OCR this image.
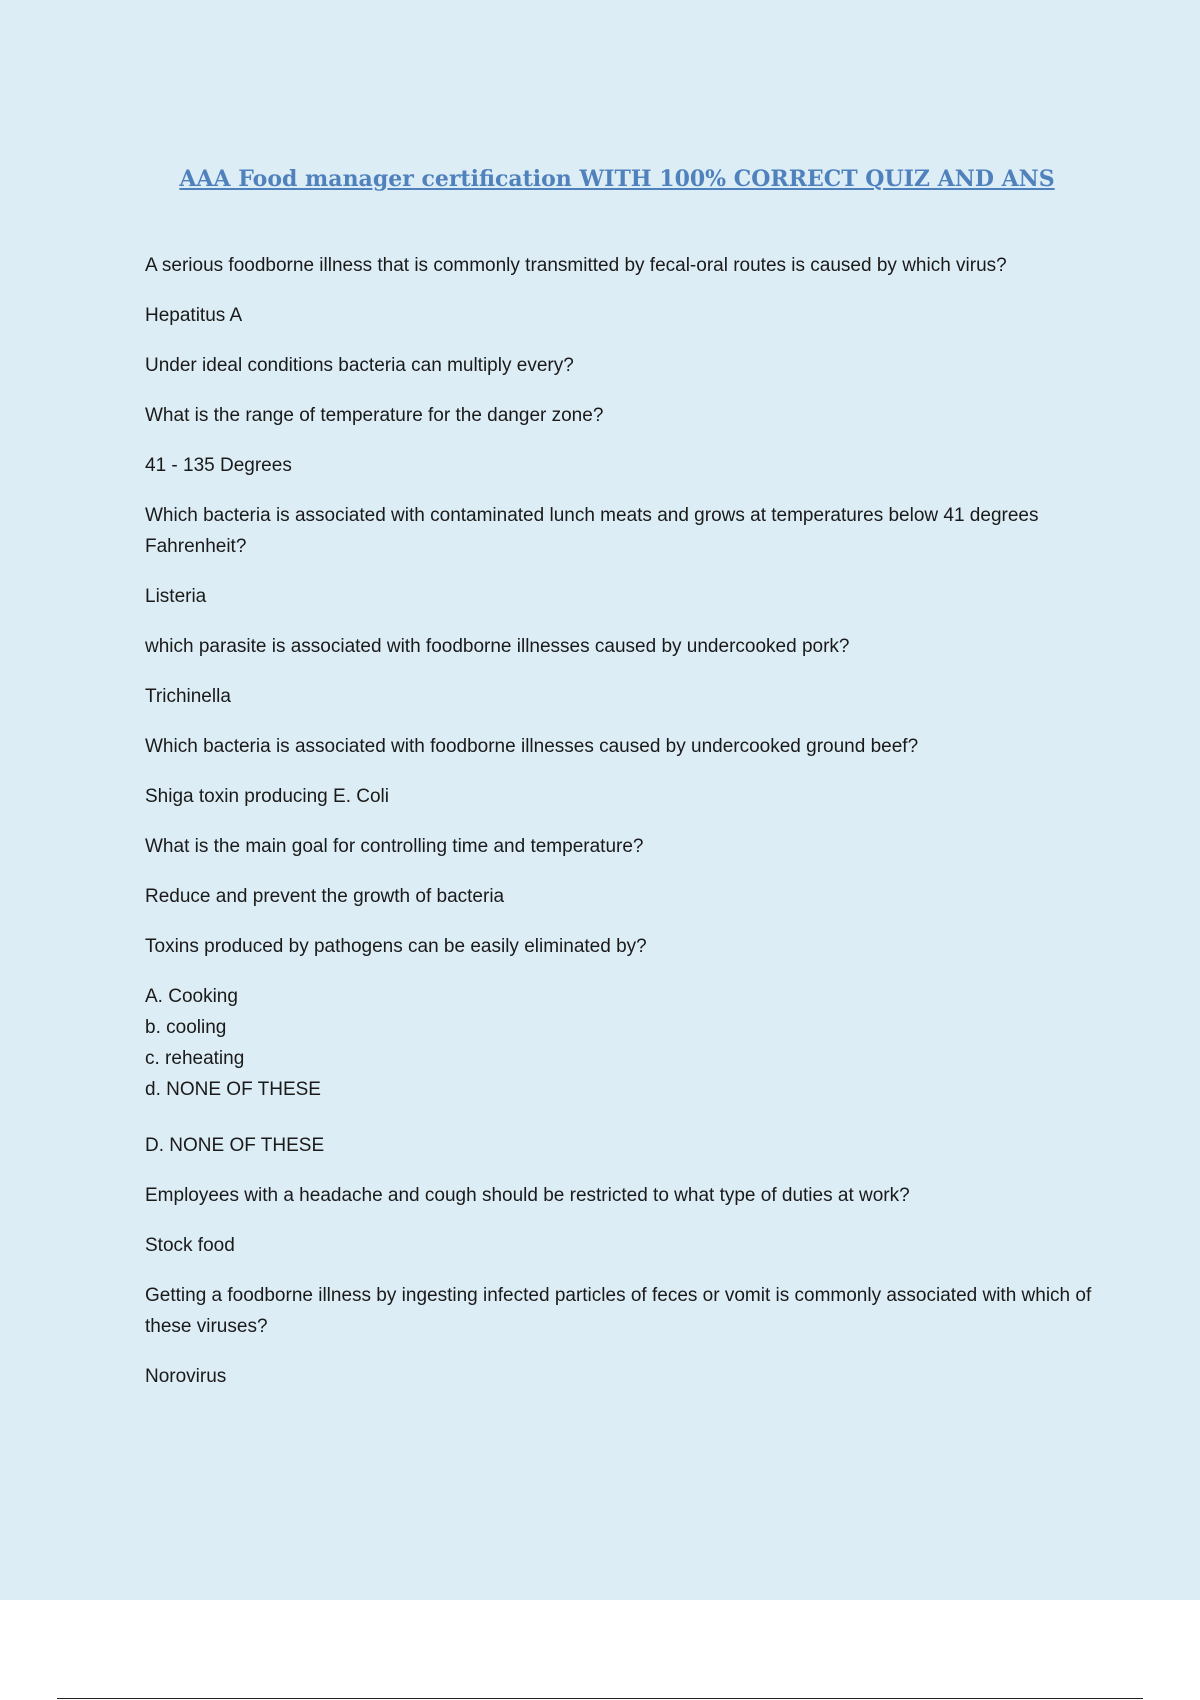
AAA Food manager certification WITH 100% CORRECT QUIZ AND ANS

A serious foodborne illness that is commonly transmitted by fecal-oral routes is caused by which virus?

Hepatitus A

Under ideal conditions bacteria can multiply every?

What is the range of temperature for the danger zone?

41 - 135 Degrees

Which bacteria is associated with contaminated lunch meats and grows at temperatures below 41 degrees Fahrenheit?

Listeria

which parasite is associated with foodborne illnesses caused by undercooked pork?

Trichinella

Which bacteria is associated with foodborne illnesses caused by undercooked ground beef?

Shiga toxin producing E. Coli

What is the main goal for controlling time and temperature?

Reduce and prevent the growth of bacteria

Toxins produced by pathogens can be easily eliminated by?

A. Cooking
b. cooling
c. reheating
d. NONE OF THESE

D. NONE OF THESE

Employees with a headache and cough should be restricted to what type of duties at work?

Stock food

Getting a foodborne illness by ingesting infected particles of feces or vomit is commonly associated with which of these viruses?

Norovirus
